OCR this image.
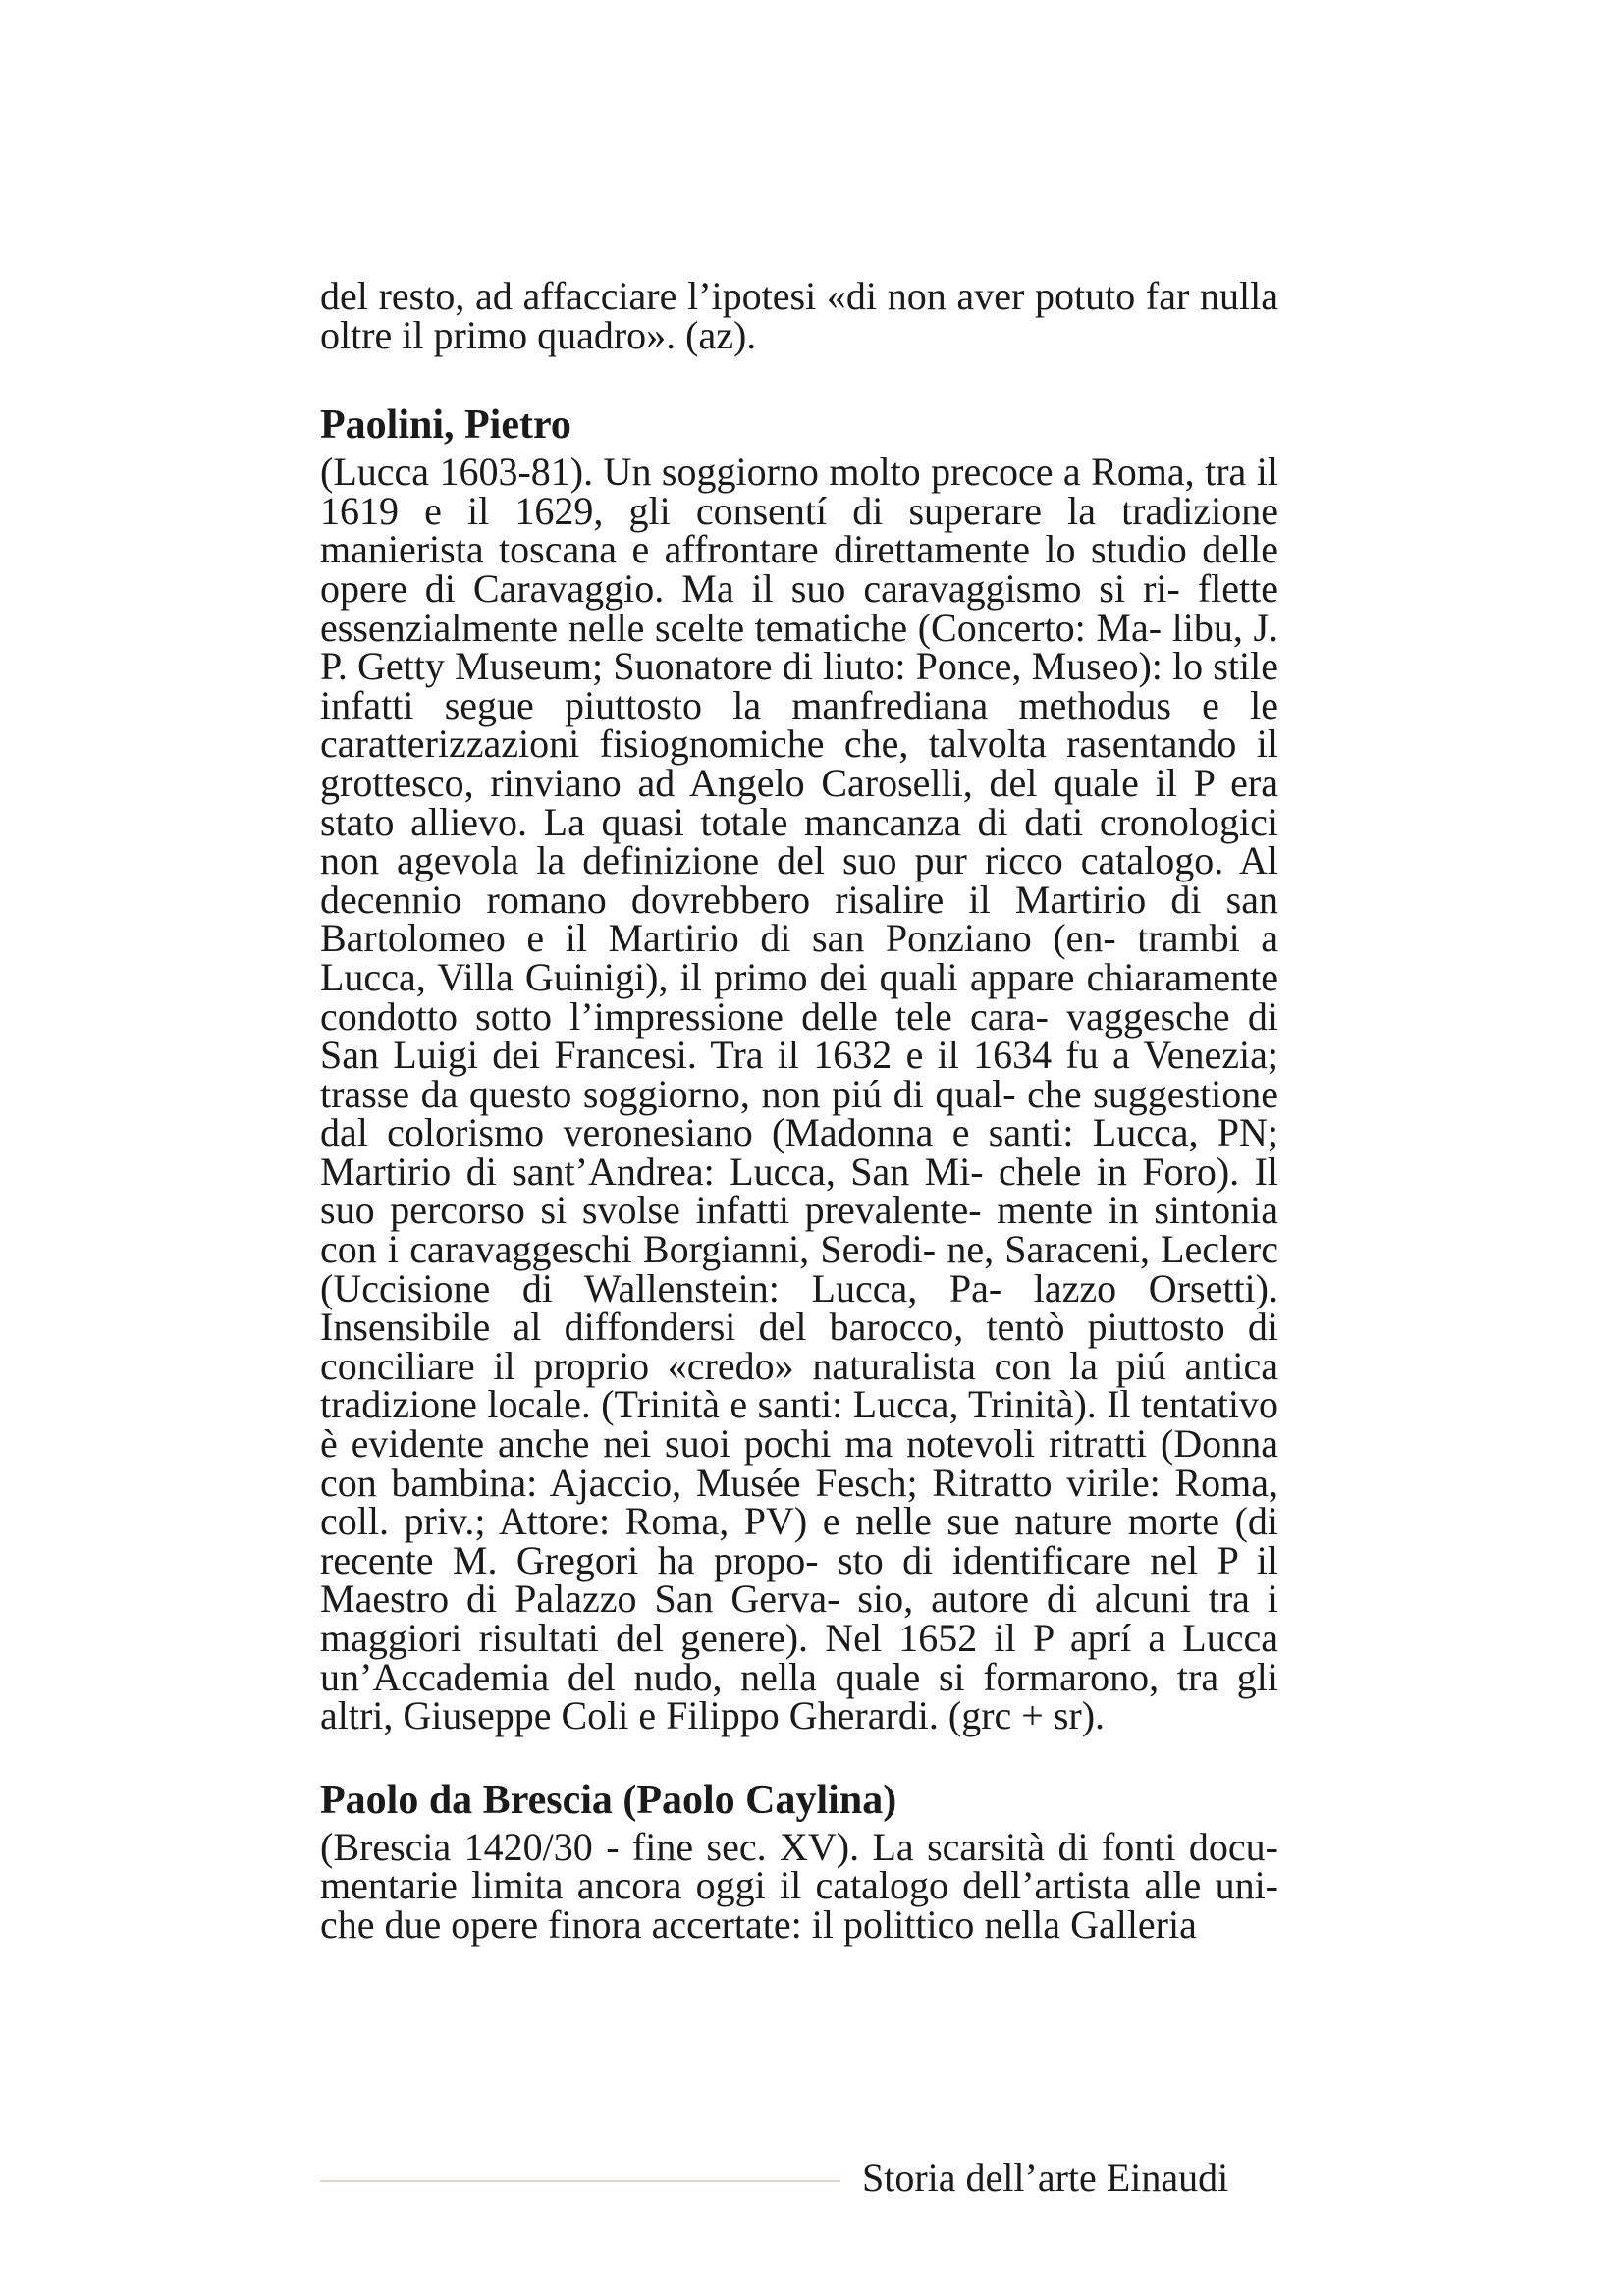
del resto, ad affacciare l’ipotesi «di non aver potuto far nulla oltre il primo quadro». (az).
Paolini, Pietro
(Lucca 1603-81). Un soggiorno molto precoce a Roma, tra il 1619 e il 1629, gli consentí di superare la tradizione manierista toscana e affrontare direttamente lo studio delle opere di Caravaggio. Ma il suo caravaggismo si ri- flette essenzialmente nelle scelte tematiche (Concerto: Ma- libu, J. P. Getty Museum; Suonatore di liuto: Ponce, Museo): lo stile infatti segue piuttosto la manfrediana methodus e le caratterizzazioni fisiognomiche che, talvolta rasentando il grottesco, rinviano ad Angelo Caroselli, del quale il P era stato allievo. La quasi totale mancanza di dati cronologici non agevola la definizione del suo pur ricco catalogo. Al decennio romano dovrebbero risalire il Martirio di san Bartolomeo e il Martirio di san Ponziano (en- trambi a Lucca, Villa Guinigi), il primo dei quali appare chiaramente condotto sotto l’impressione delle tele cara- vaggesche di San Luigi dei Francesi. Tra il 1632 e il 1634 fu a Venezia; trasse da questo soggiorno, non piú di qual- che suggestione dal colorismo veronesiano (Madonna e santi: Lucca, PN; Martirio di sant’Andrea: Lucca, San Mi- chele in Foro). Il suo percorso si svolse infatti prevalente- mente in sintonia con i caravaggeschi Borgianni, Serodi- ne, Saraceni, Leclerc (Uccisione di Wallenstein: Lucca, Pa- lazzo Orsetti). Insensibile al diffondersi del barocco, tentò piuttosto di conciliare il proprio «credo» naturalista con la piú antica tradizione locale. (Trinità e santi: Lucca, Trinità). Il tentativo è evidente anche nei suoi pochi ma notevoli ritratti (Donna con bambina: Ajaccio, Musée Fesch; Ritratto virile: Roma, coll. priv.; Attore: Roma, PV) e nelle sue nature morte (di recente M. Gregori ha propo- sto di identificare nel P il Maestro di Palazzo San Gerva- sio, autore di alcuni tra i maggiori risultati del genere). Nel 1652 il P aprí a Lucca un’Accademia del nudo, nella quale si formarono, tra gli altri, Giuseppe Coli e Filippo Gherardi. (grc + sr).
Paolo da Brescia (Paolo Caylina)
(Brescia 1420/30 - fine sec. XV). La scarsità di fonti docu- mentarie limita ancora oggi il catalogo dell’artista alle uni- che due opere finora accertate: il polittico nella Galleria
Storia dell’arte Einaudi
